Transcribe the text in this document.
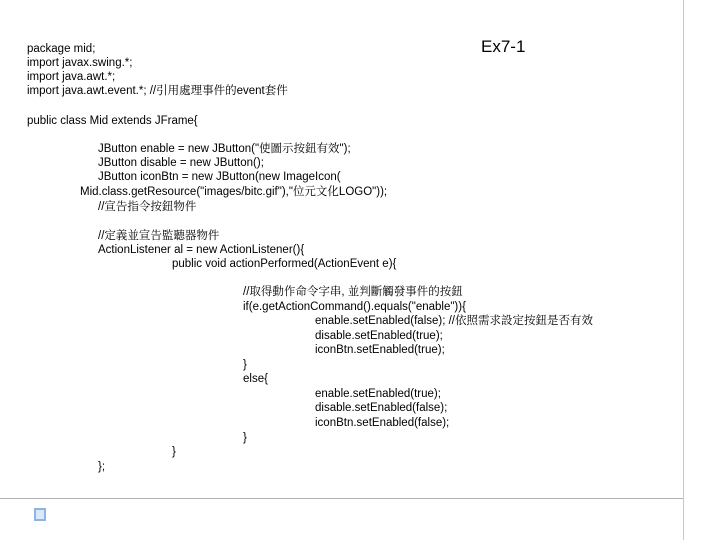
Ex7-1
package mid;
import javax.swing.*;
import java.awt.*;
import java.awt.event.*; //引用處理事件的event套件
public class Mid extends JFrame{
JButton enable = new JButton("使圖示按鈕有效");
JButton disable = new JButton();
JButton iconBtn = new JButton(new ImageIcon(
Mid.class.getResource("images/bitc.gif"),"位元文化LOGO"));
//宣告指令按鈕物件
//定義並宣告監聽器物件
ActionListener al = new ActionListener(){
public void actionPerformed(ActionEvent e){
//取得動作命令字串, 並判斷觸發事件的按鈕
if(e.getActionCommand().equals("enable")){
enable.setEnabled(false); //依照需求設定按鈕是否有效
disable.setEnabled(true);
iconBtn.setEnabled(true);
}
else{
enable.setEnabled(true);
disable.setEnabled(false);
iconBtn.setEnabled(false);
}
}
};
